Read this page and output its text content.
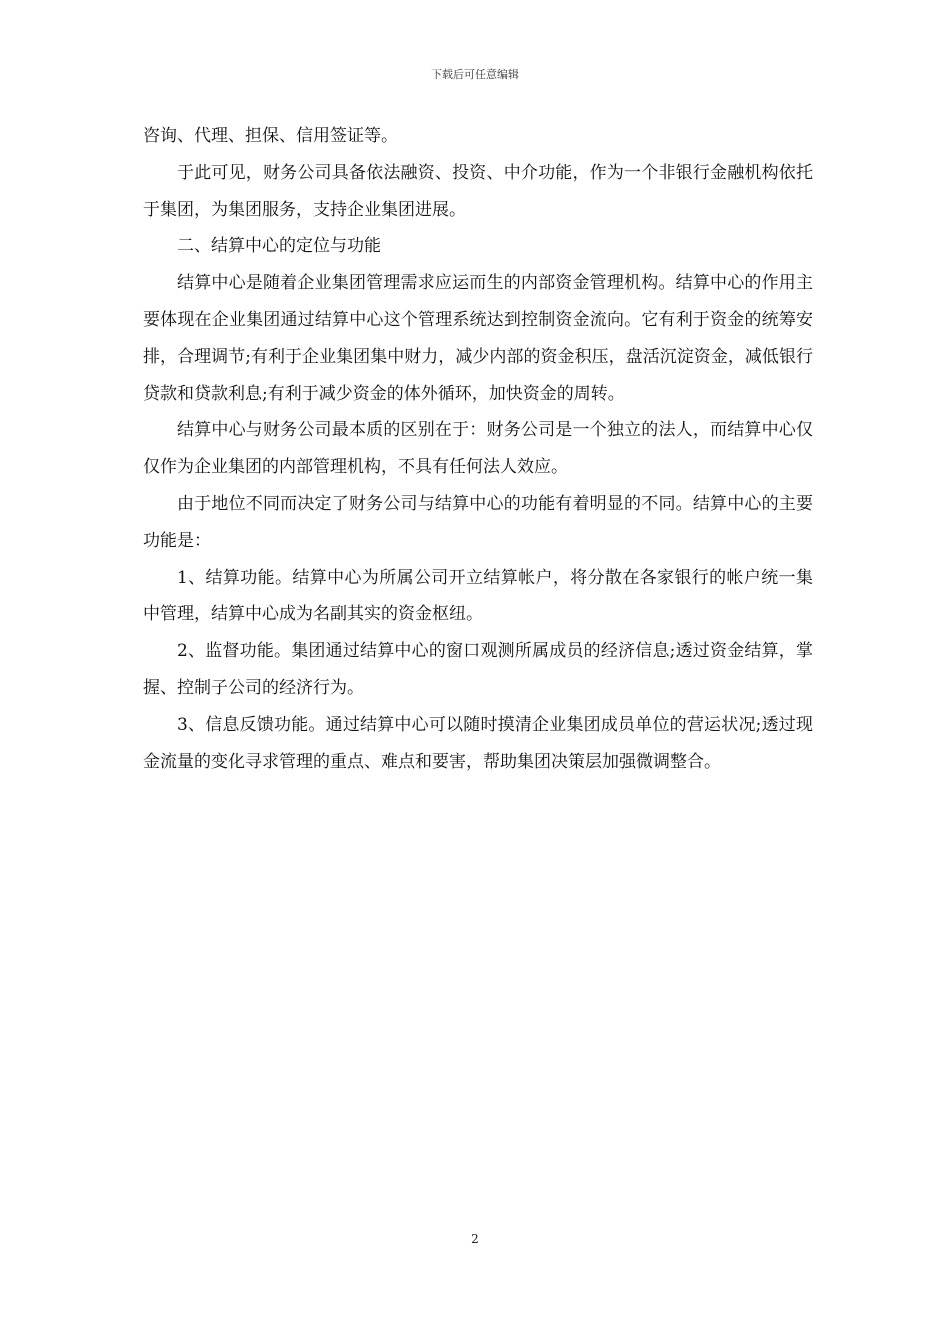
下载后可任意编辑

咨询、代理、担保、信用签证等。

于此可见，财务公司具备依法融资、投资、中介功能，作为一个非银行金融机构依托于集团，为集团服务，支持企业集团进展。

二、结算中心的定位与功能

结算中心是随着企业集团管理需求应运而生的内部资金管理机构。结算中心的作用主要体现在企业集团通过结算中心这个管理系统达到控制资金流向。它有利于资金的统筹安排，合理调节;有利于企业集团集中财力，减少内部的资金积压，盘活沉淀资金，减低银行贷款和贷款利息;有利于减少资金的体外循环，加快资金的周转。

结算中心与财务公司最本质的区别在于：财务公司是一个独立的法人，而结算中心仅仅作为企业集团的内部管理机构，不具有任何法人效应。

由于地位不同而决定了财务公司与结算中心的功能有着明显的不同。结算中心的主要功能是：

1、结算功能。结算中心为所属公司开立结算帐户，将分散在各家银行的帐户统一集中管理，结算中心成为名副其实的资金枢纽。

2、监督功能。集团通过结算中心的窗口观测所属成员的经济信息;透过资金结算，掌握、控制子公司的经济行为。

3、信息反馈功能。通过结算中心可以随时摸清企业集团成员单位的营运状况;透过现金流量的变化寻求管理的重点、难点和要害，帮助集团决策层加强微调整合。

2
